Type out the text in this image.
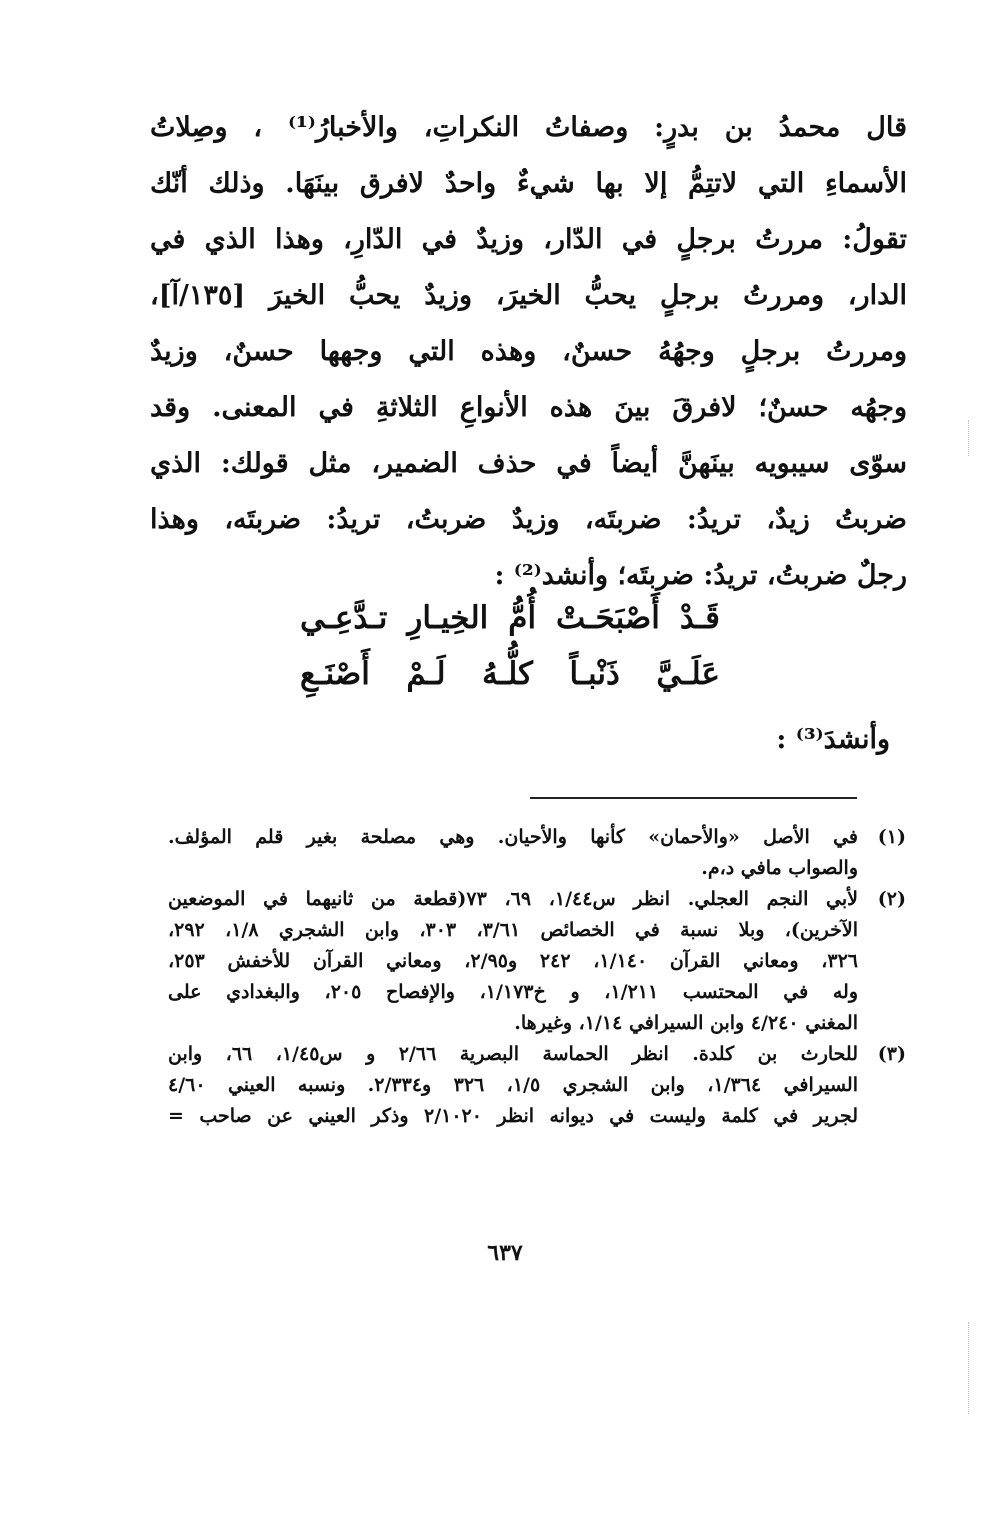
قال محمدُ بن بدرٍ: وصفاتُ النكراتِ، والأخبارُ⁽¹⁾ ، وصِلاتُ
الأسماءِ التي لاتتِمُّ إلا بها شيءٌ واحدٌ لافرق بينَهَا. وذلك أنّك
تقولُ: مررتُ برجلٍ في الدّار، وزيدٌ في الدّارِ، وهذا الذي في
الدار، ومررتُ برجلٍ يحبُّ الخيرَ، وزيدٌ يحبُّ الخيرَ [١٣٥/آ]،
ومررتُ برجلٍ وجهُهُ حسنٌ، وهذه التي وجهها حسنٌ، وزيدٌ
وجهُه حسنٌ؛ لافرقَ بينَ هذه الأنواعِ الثلاثةِ في المعنى. وقد
سوّى سيبويه بينَهنَّ أيضاً في حذف الضمير، مثل قولك: الذي
ضربتُ زيدٌ، تريدُ: ضربتَه، وزيدٌ ضربتُ، تريدُ: ضربتَه، وهذا
رجلٌ ضربتُ، تريدُ: ضربتَه؛ وأنشد⁽²⁾ :
قَـدْ أَصْبَحَـتْ أُمُّ الخِيـارِ تـدَّعِـي
عَلَـيَّ ذَنْبـاً كلُّـهُ لَـمْ أَصْنَـعِ
وأنشدَ⁽³⁾ :
(١)
في الأصل «والأحمان» كأنها والأحيان. وهي مصلحة بغير قلم المؤلف.
والصواب مافي د،م.
(٢)
لأبي النجم العجلي. انظر س١/٤٤، ٦٩، ٧٣(قطعة من ثانيهما في الموضعين
الآخرين)، وبلا نسبة في الخصائص ٣/٦١، ٣٠٣، وابن الشجري ١/٨، ٢٩٢،
٣٢٦، ومعاني القرآن ١/١٤٠، ٢٤٢ و٢/٩٥، ومعاني القرآن للأخفش ٢٥٣،
وله في المحتسب ١/٢١١، و خ١/١٧٣، والإفصاح ٢٠٥، والبغدادي على
المغني ٤/٢٤٠ وابن السيرافي ١/١٤، وغيرها.
(٣)
للحارث بن كلدة. انظر الحماسة البصرية ٢/٦٦ و س١/٤٥، ٦٦، وابن
السيرافي ١/٣٦٤، وابن الشجري ١/٥، ٣٢٦ و٢/٣٣٤. ونسبه العيني ٤/٦٠
لجرير في كلمة وليست في ديوانه انظر ٢/١٠٢٠ وذكر العيني عن صاحب =
٦٣٧
